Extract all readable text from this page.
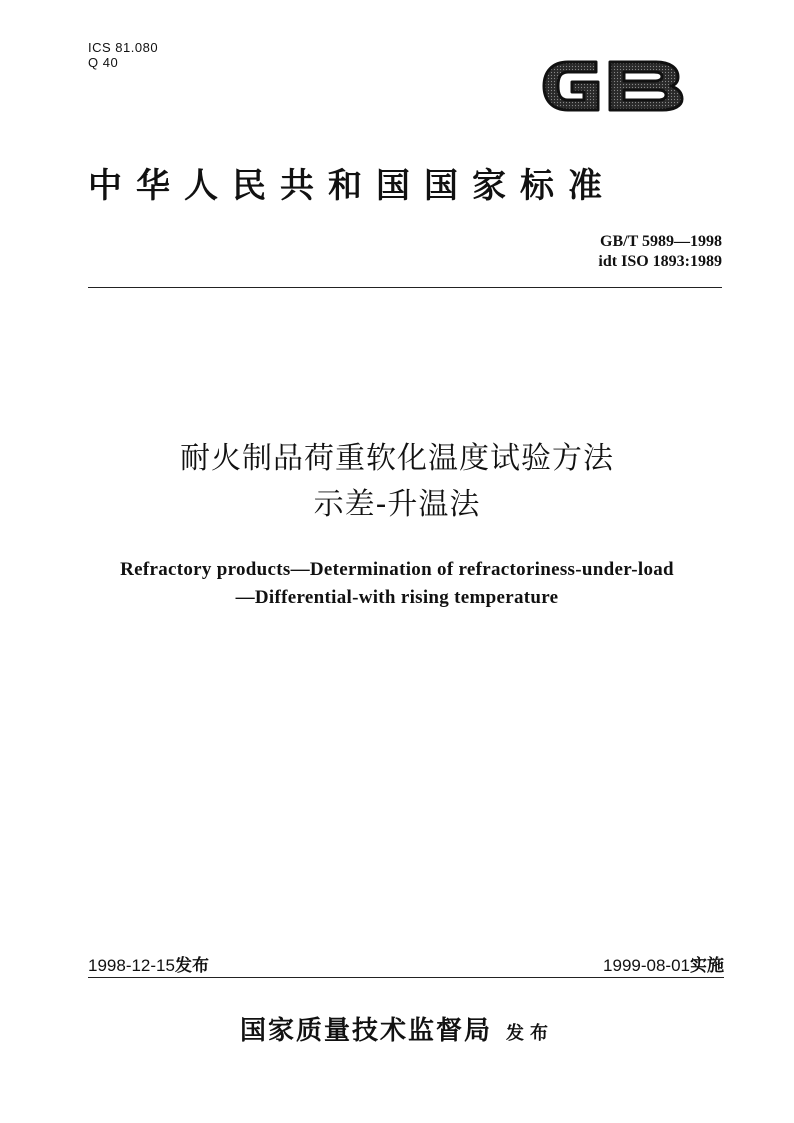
ICS 81.080
Q 40
中华人民共和国国家标准
GB/T 5989—1998
idt ISO 1893:1989
耐火制品荷重软化温度试验方法
示差-升温法
Refractory products—Determination of refractoriness-under-load
—Differential-with rising temperature
1998-12-15发布	1999-08-01实施
国家质量技术监督局 发布
